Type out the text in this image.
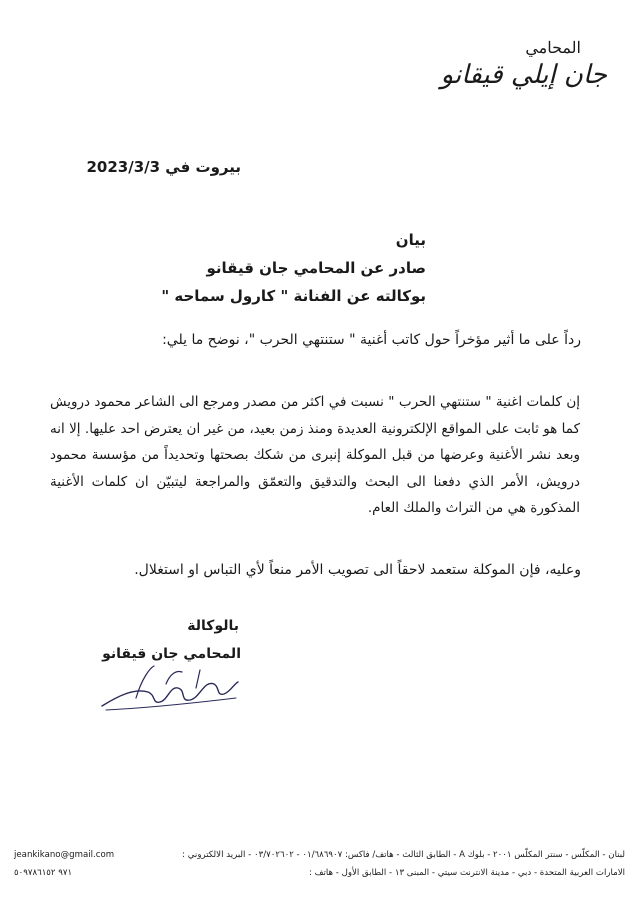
المحامي
جان إيلي قيقانو
بيروت في 2023/3/3
بيان
صادر عن المحامي جان قيقانو
بوكالته عن الفنانة " كارول سماحه "
رداً على ما أثير مؤخراً حول كاتب أغنية " ستنتهي الحرب "، نوضح ما يلي:
إن كلمات اغنية " ستنتهي الحرب " نسبت في اكثر من مصدر ومرجع الى الشاعر محمود درويش كما هو ثابت على المواقع الإلكترونية العديدة ومنذ زمن بعيد، من غير ان يعترض احد عليها. إلا انه وبعد نشر الأغنية وعرضها من قبل الموكلة إنبرى من شكك بصحتها وتحديداً من مؤسسة محمود درويش، الأمر الذي دفعنا الى البحث والتدقيق والتعمّق والمراجعة ليتبيّن ان كلمات الأغنية المذكورة هي من التراث والملك العام.
وعليه، فإن الموكلة ستعمد لاحقاً الى تصويب الأمر منعاً لأي التباس او استغلال.
بالوكالة
المحامي جان قيقانو
لبنان - المكلّس - سنتر المكلّس ٢٠٠١ - بلوك A - الطابق الثالث - هاتف/ فاكس: ٠١/٦٨٦٩٠٧ - ٠٣/٧٠٢٦٠٢ - البريد الالكتروني :
jeankikano@gmail.com
الامارات العربية المتحدة - دبي - مدينة الانترنت سيتي - المبنى ١٣ - الطابق الأول - هاتف :
٩٧١ ٥٠٩٧٨٦١٥٢
